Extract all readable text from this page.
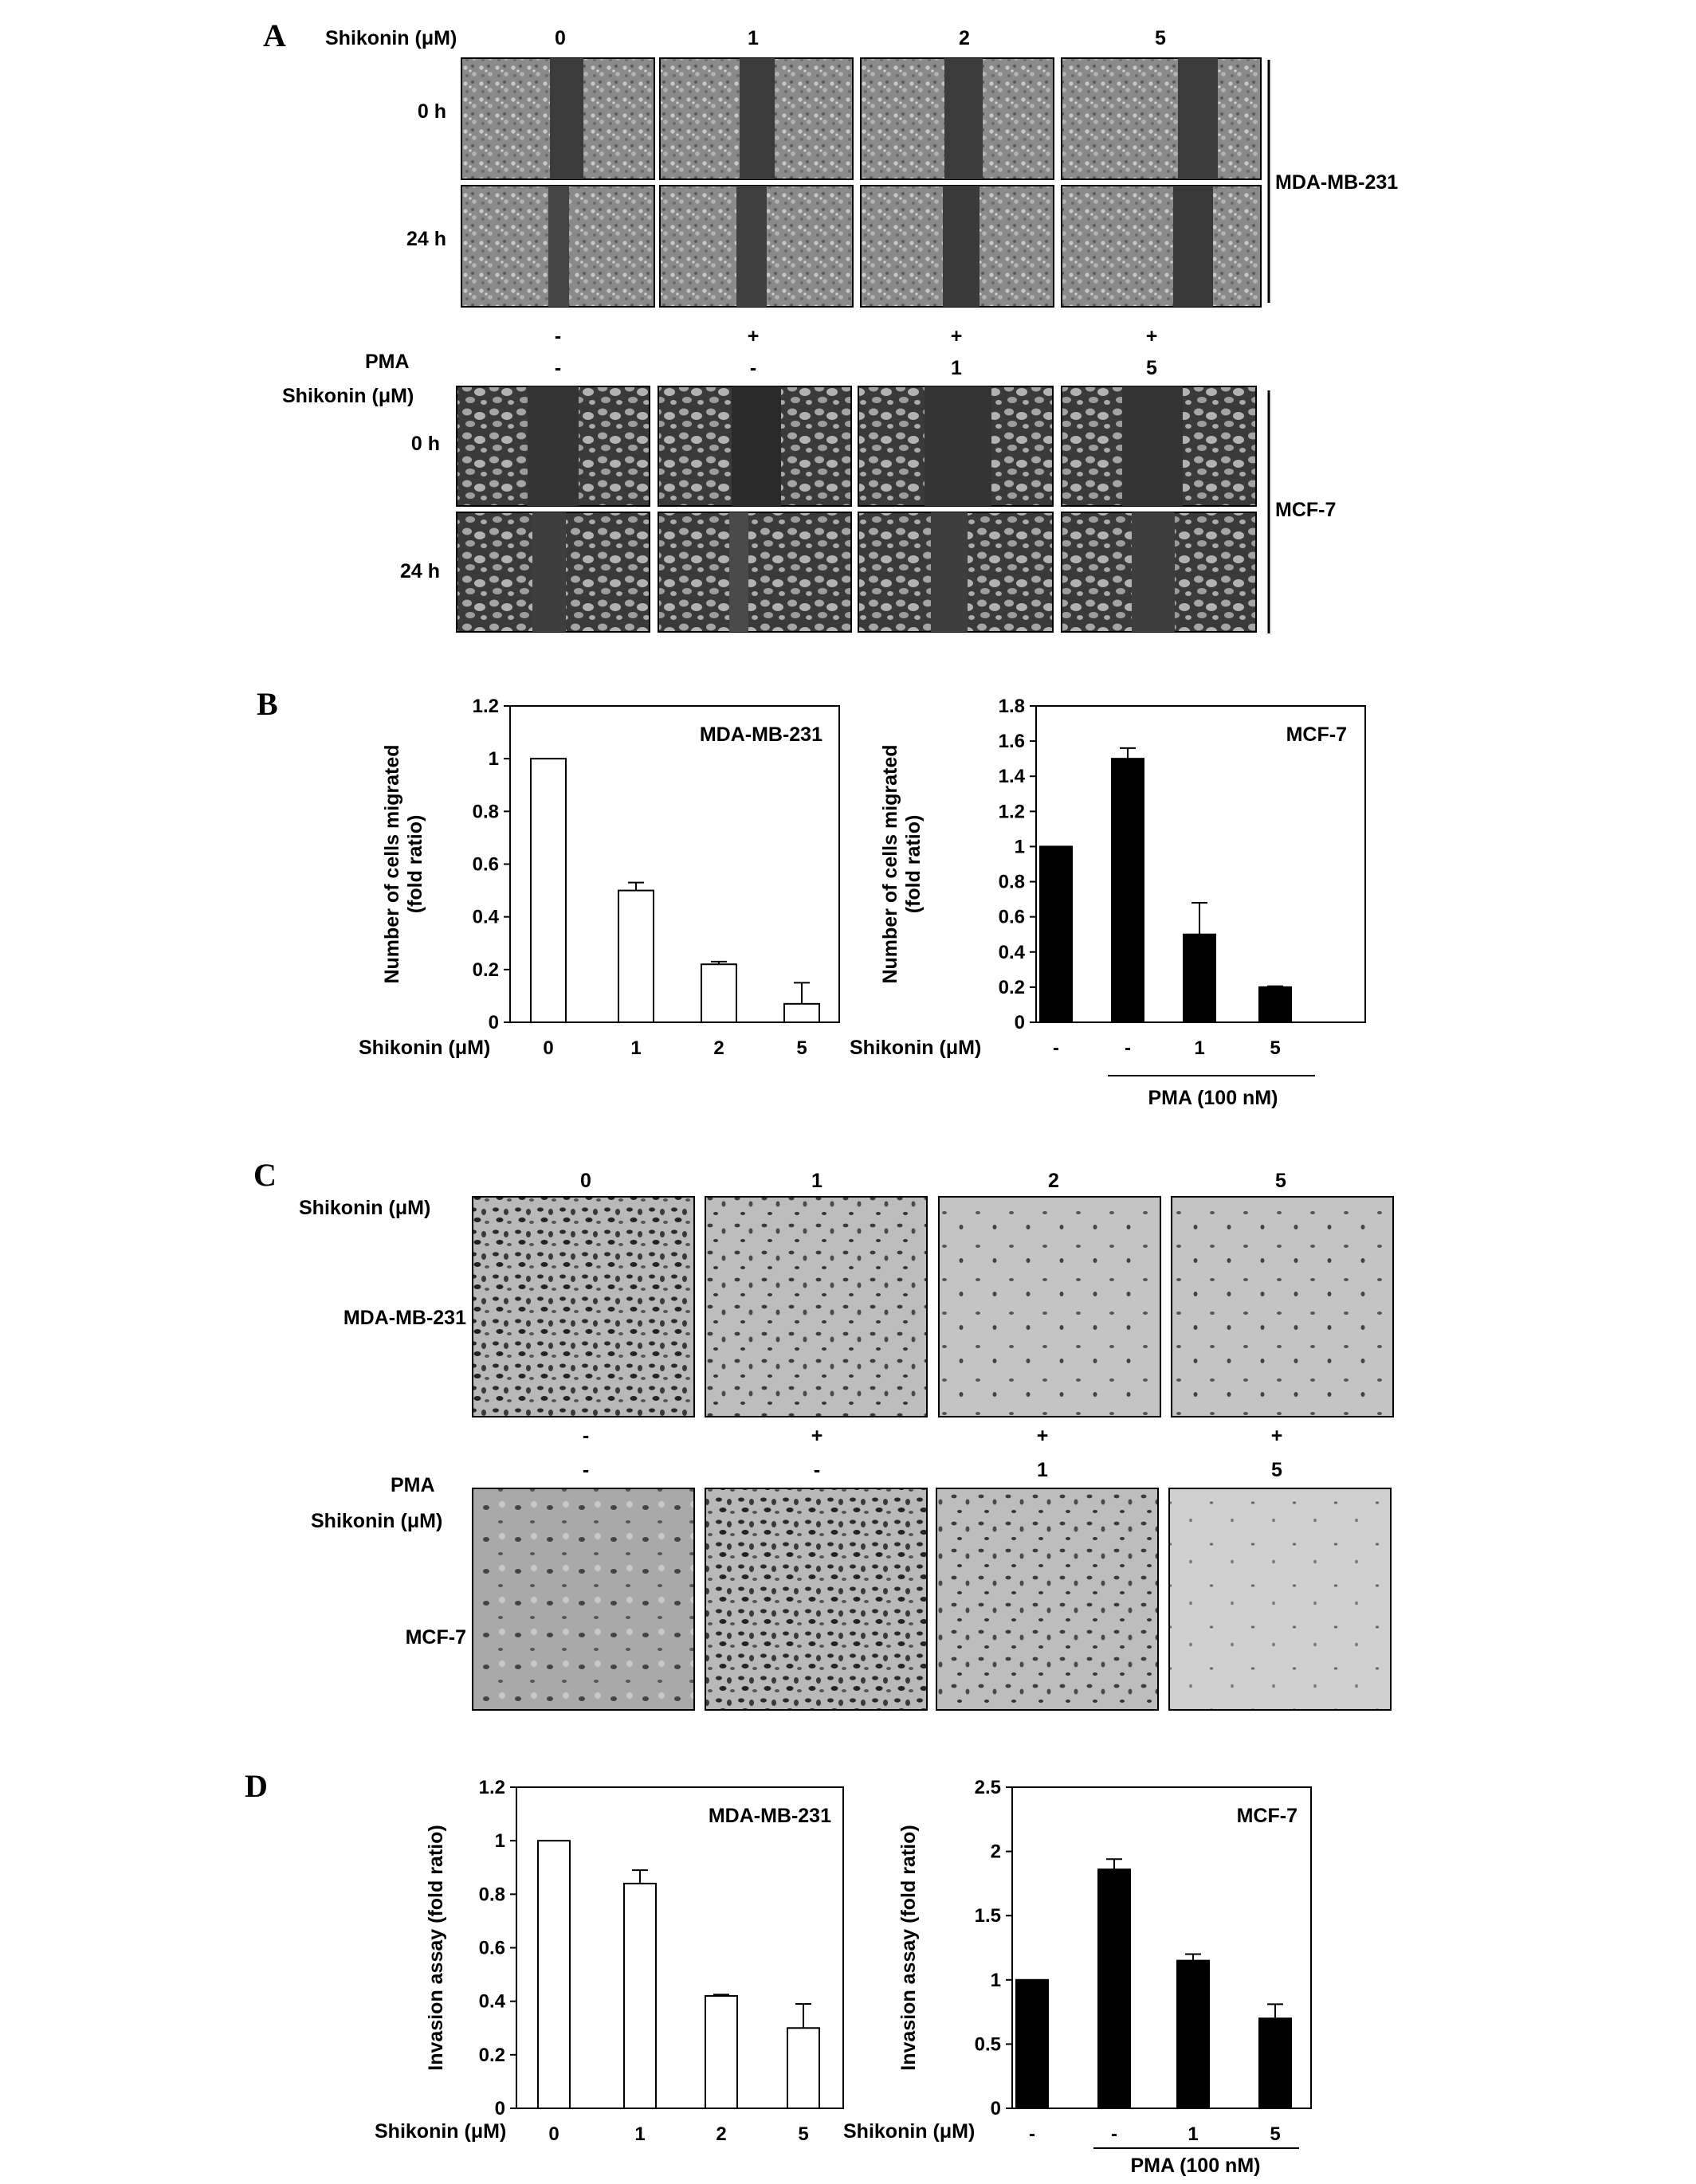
A Shikonin (μM)	0	1	2	5
0 h
24 h
MDA-MB-231
PMA
Shikonin (μM)
-	+	+	+
-	-	1	5
0 h
24 h
MCF-7
B
0
0.2
0.4
0.6
0.8
1
1.2
0	1	2	5
MDA-MB-231
Shikonin (μM)
Number of cells migrated(fold ratio)
0
0.2
0.4
0.6
0.8
1
1.2
1.4
1.6
1.8
-	-	1	5
MCF-7
Shikonin (μM)
Number of cells migrated(fold ratio)
PMA (100 nM)
C
Shikonin (μM)
0	1	2	5
MDA-MB-231
-	+	+	+
PMA
Shikonin (μM)
-	-	1	5
MCF-7
D
0
0.2
0.4
0.6
0.8
1
1.2
0	1	2	5
MDA-MB-231
Shikonin (μM)
Invasion assay (fold ratio)
0
0.5
1
1.5
2
2.5
-	-	1	5
MCF-7
Shikonin (μM)
Invasion assay (fold ratio)
PMA (100 nM)
